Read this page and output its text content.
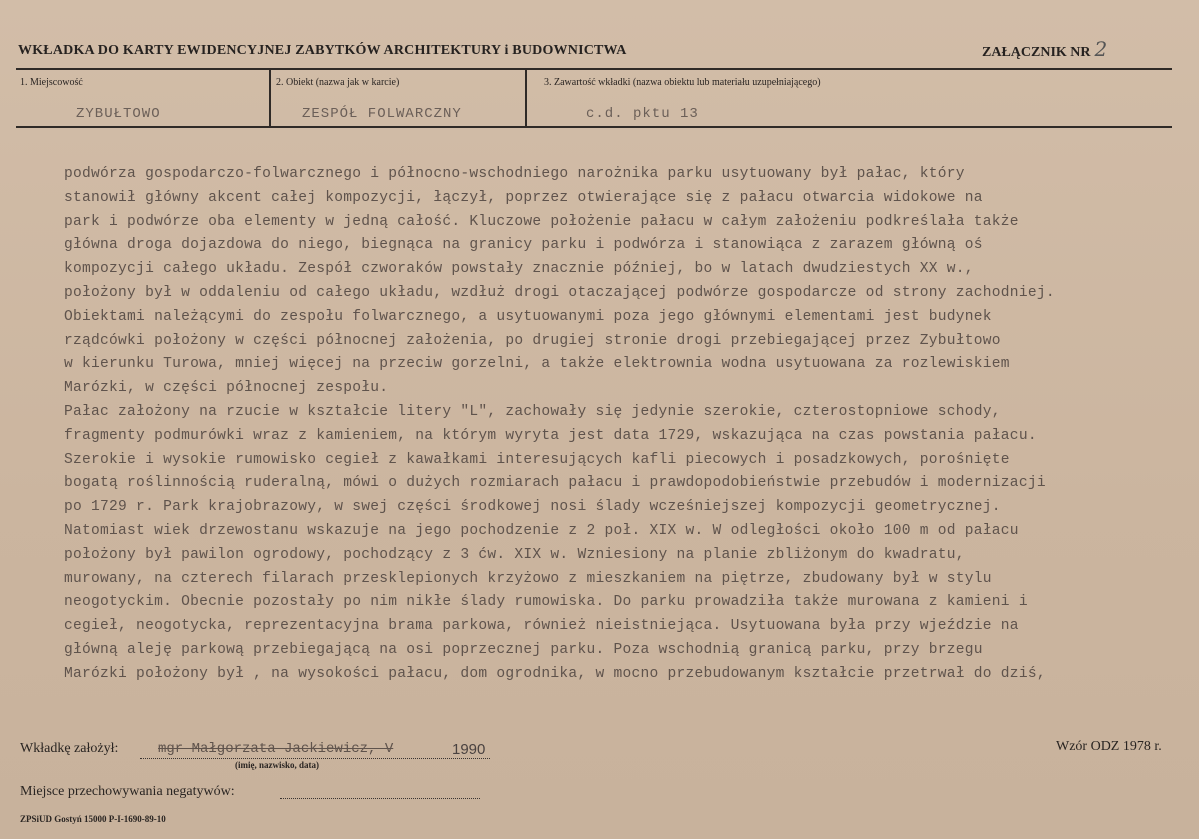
WKŁADKA DO KARTY EWIDENCYJNEJ ZABYTKÓW ARCHITEKTURY i BUDOWNICTWA	ZAŁĄCZNIK NR 2
1. Miejscowość
ZYBUŁTOWO
2. Obiekt (nazwa jak w karcie)
ZESPÓŁ FOLWARCZNY
3. Zawartość wkładki (nazwa obiektu lub materiału uzupełniającego)
c.d. pktu 13
podwórza gospodarczo-folwarcznego i północno-wschodniego narożnika parku usytuowany był pałac, który
stanowił główny akcent całej kompozycji, łączył, poprzez otwierające się z pałacu otwarcia widokowe na
park i podwórze oba elementy w jedną całość. Kluczowe położenie pałacu w całym założeniu podkreślała także
główna droga dojazdowa do niego, biegnąca na granicy parku i podwórza i stanowiąca z zarazem główną oś
kompozycji całego układu. Zespół czworaków powstały znacznie później, bo w latach dwudziestych XX w.,
położony był w oddaleniu od całego układu, wzdłuż drogi otaczającej podwórze gospodarcze od strony zachodniej.
Obiektami należącymi do zespołu folwarcznego, a usytuowanymi poza jego głównymi elementami jest budynek
rządcówki położony w części północnej założenia, po drugiej stronie drogi przebiegającej przez Zybułtowo
w kierunku Turowa, mniej więcej na przeciw gorzelni, a także elektrownia wodna usytuowana za rozlewiskiem
Marózki, w części północnej zespołu.
Pałac założony na rzucie w kształcie litery "L", zachowały się jedynie szerokie, czterostopniowe schody,
fragmenty podmurówki wraz z kamieniem, na którym wyryta jest data 1729, wskazująca na czas powstania pałacu.
Szerokie i wysokie rumowisko cegieł z kawałkami interesujących kafli piecowych i posadzkowych, porośnięte
bogatą roślinnością ruderalną, mówi o dużych rozmiarach pałacu i prawdopodobieństwie przebudów i modernizacji
po 1729 r. Park krajobrazowy, w swej części środkowej nosi ślady wcześniejszej kompozycji geometrycznej.
Natomiast wiek drzewostanu wskazuje na jego pochodzenie z 2 poł. XIX w. W odległości około 100 m od pałacu
położony był pawilon ogrodowy, pochodzący z 3 ćw. XIX w. Wzniesiony na planie zbliżonym do kwadratu,
murowany, na czterech filarach przesklepionych krzyżowo z mieszkaniem na piętrze, zbudowany był w stylu
neogotyckim. Obecnie pozostały po nim nikłe ślady rumowiska. Do parku prowadziła także murowana z kamieni i
cegieł, neogotycka, reprezentacyjna brama parkowa, również nieistniejąca. Usytuowana była przy wjeździe na
główną aleję parkową przebiegającą na osi poprzecznej parku. Poza wschodnią granicą parku, przy brzegu
Marózki położony był , na wysokości pałacu, dom ogrodnika, w mocno przebudowanym kształcie przetrwał do dziś,
Wkładkę założył:	mgr Małgorzata Jackiewicz, V	1990
(imię, nazwisko, data)
Wzór ODZ 1978 r.
Miejsce przechowywania negatywów:
ZPSiUD Gostyń 15000 P-I-1690-89-10
